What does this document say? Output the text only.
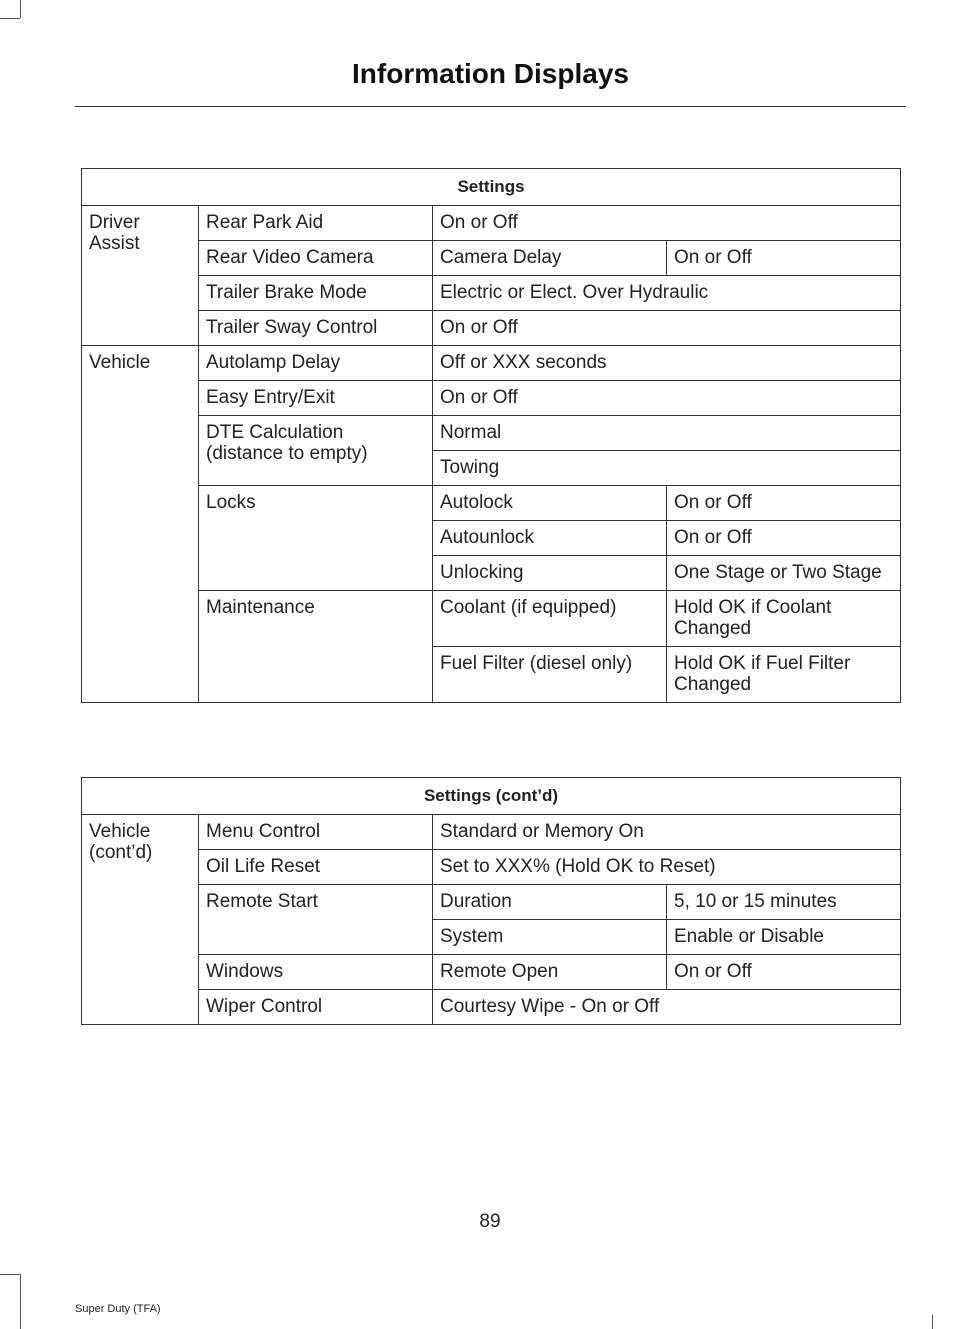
Information Displays
Settings			
Driver Assist	Rear Park Aid	On or Off	
	Rear Video Camera	Camera Delay	On or Off
	Trailer Brake Mode	Electric or Elect. Over Hydraulic	
	Trailer Sway Control	On or Off	
Vehicle	Autolamp Delay	Off or XXX seconds	
	Easy Entry/Exit	On or Off	
	DTE Calculation (distance to empty)	Normal	
		Towing	
	Locks	Autolock	On or Off
		Autounlock	On or Off
		Unlocking	One Stage or Two Stage
	Maintenance	Coolant (if equipped)	Hold OK if Coolant Changed
		Fuel Filter (diesel only)	Hold OK if Fuel Filter Changed
Settings (cont’d)			
Vehicle (cont’d)	Menu Control	Standard or Memory On	
	Oil Life Reset	Set to XXX% (Hold OK to Reset)	
	Remote Start	Duration	5, 10 or 15 minutes
		System	Enable or Disable
	Windows	Remote Open	On or Off
	Wiper Control	Courtesy Wipe - On or Off	
89
Super Duty (TFA)
